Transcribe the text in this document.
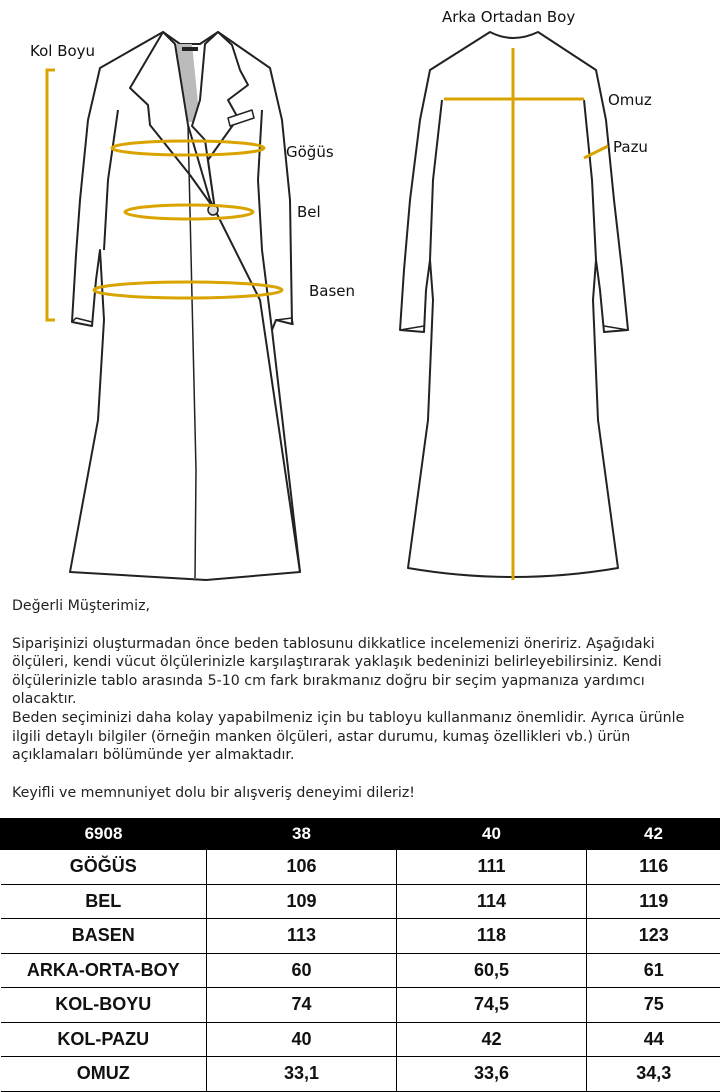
Kol Boyu
Göğüs
Bel
Basen
Arka Ortadan Boy
Omuz
Pazu

Değerli Müşterimiz,

Siparişinizi oluşturmadan önce beden tablosunu dikkatlice incelemenizi öneririz. Aşağıdaki ölçüleri, kendi vücut ölçülerinizle karşılaştırarak yaklaşık bedeninizi belirleyebilirsiniz. Kendi ölçülerinizle tablo arasında 5-10 cm fark bırakmanız doğru bir seçim yapmanıza yardımcı olacaktır.

Beden seçiminizi daha kolay yapabilmeniz için bu tabloyu kullanmanız önemlidir. Ayrıca ürünle ilgili detaylı bilgiler (örneğin manken ölçüleri, astar durumu, kumaş özellikleri vb.) ürün açıklamaları bölümünde yer almaktadır.

Keyifli ve memnuniyet dolu bir alışveriş deneyimi dileriz!

6908	38	40	42
GÖĞÜS	106	111	116
BEL	109	114	119
BASEN	113	118	123
ARKA-ORTA-BOY	60	60,5	61
KOL-BOYU	74	74,5	75
KOL-PAZU	40	42	44
OMUZ	33,1	33,6	34,3
